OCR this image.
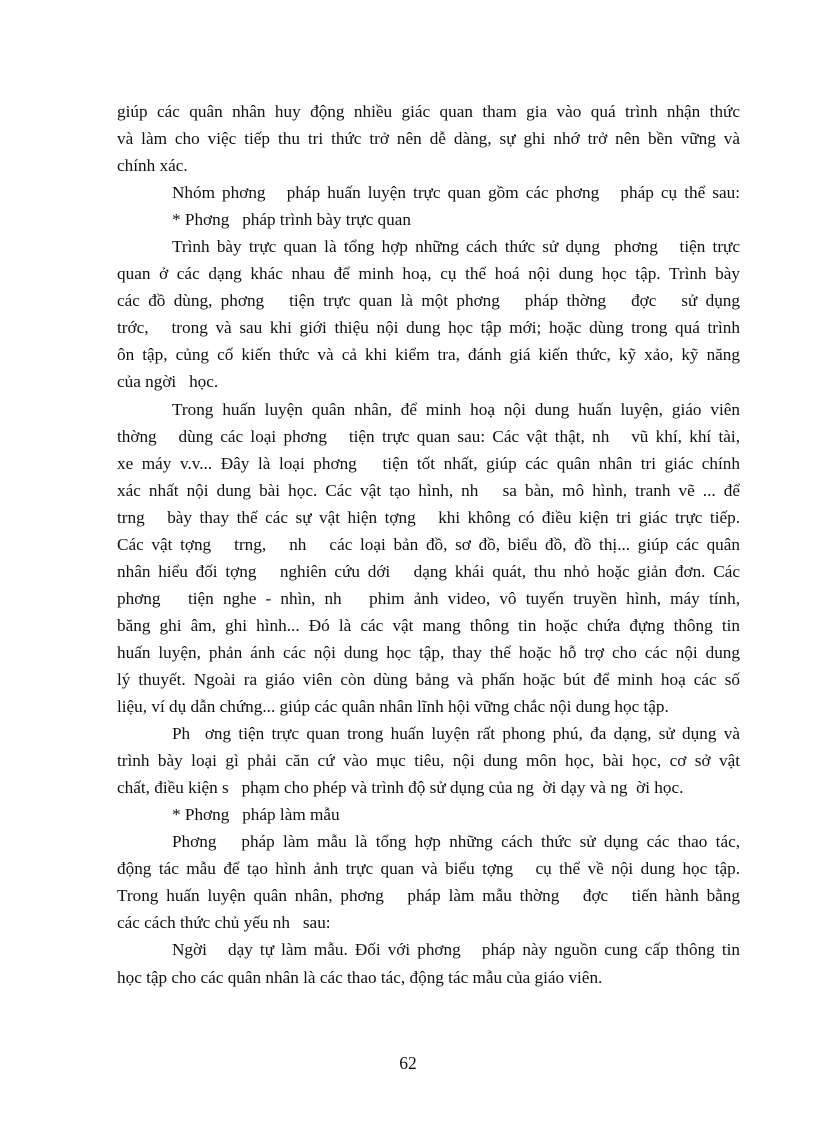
giúp các quân nhân huy động nhiều giác quan tham gia vào quá trình nhận thức
và làm cho việc tiếp thu tri thức trở nên dễ dàng, sự ghi nhớ trở nên bền vững và
chính xác.
Nhóm phơng   pháp huấn luyện trực quan gồm các phơng   pháp cụ thể sau:
* Phơng   pháp trình bày trực quan
Trình bày trực quan là tổng hợp những cách thức sử dụng  phơng   tiện trực
quan ở các dạng khác nhau để minh hoạ, cụ thể hoá nội dung học tập. Trình bày
các đồ dùng, phơng   tiện trực quan là một phơng   pháp thờng   đợc   sử dụng
trớc,   trong và sau khi giới thiệu nội dung học tập mới; hoặc dùng trong quá trình
ôn tập, củng cố kiến thức và cả khi kiểm tra, đánh giá kiến thức, kỹ xảo, kỹ năng
của ngời   học.
Trong huấn luyện quân nhân, để minh hoạ nội dung huấn luyện, giáo viên
thờng   dùng các loại phơng   tiện trực quan sau: Các vật thật, nh   vũ khí, khí tài,
xe máy v.v... Đây là loại phơng   tiện tốt nhất, giúp các quân nhân tri giác chính
xác nhất nội dung bài học. Các vật tạo hình, nh   sa bàn, mô hình, tranh vẽ ... để
trng   bày thay thế các sự vật hiện tợng   khi không có điều kiện tri giác trực tiếp.
Các vật tợng   trng,   nh   các loại bản đồ, sơ đồ, biểu đồ, đồ thị... giúp các quân
nhân hiểu đối tợng   nghiên cứu dới   dạng khái quát, thu nhỏ hoặc giản đơn. Các
phơng   tiện nghe - nhìn, nh   phim ảnh video, vô tuyến truyền hình, máy tính,
băng ghi âm, ghi hình... Đó là các vật mang thông tin hoặc chứa đựng thông tin
huấn luyện, phản ánh các nội dung học tập, thay thế hoặc hỗ trợ cho các nội dung
lý thuyết. Ngoài ra giáo viên còn dùng bảng và phấn hoặc bút để minh hoạ các số
liệu, ví dụ dẫn chứng... giúp các quân nhân lĩnh hội vững chắc nội dung học tập.
Ph  ơng tiện trực quan trong huấn luyện rất phong phú, đa dạng, sử dụng và
trình bày loại gì phải căn cứ vào mục tiêu, nội dung môn học, bài học, cơ sở vật
chất, điều kiện s   phạm cho phép và trình độ sử dụng của ng  ời dạy và ng  ời học.
* Phơng   pháp làm mẫu
Phơng   pháp làm mẫu là tổng hợp những cách thức sử dụng các thao tác,
động tác mẫu để tạo hình ảnh trực quan và biểu tợng   cụ thể về nội dung học tập.
Trong huấn luyện quân nhân, phơng   pháp làm mẫu thờng   đợc   tiến hành bằng
các cách thức chủ yếu nh   sau:
Ngời   dạy tự làm mẫu. Đối với phơng   pháp này nguồn cung cấp thông tin
học tập cho các quân nhân là các thao tác, động tác mẫu của giáo viên.
62
